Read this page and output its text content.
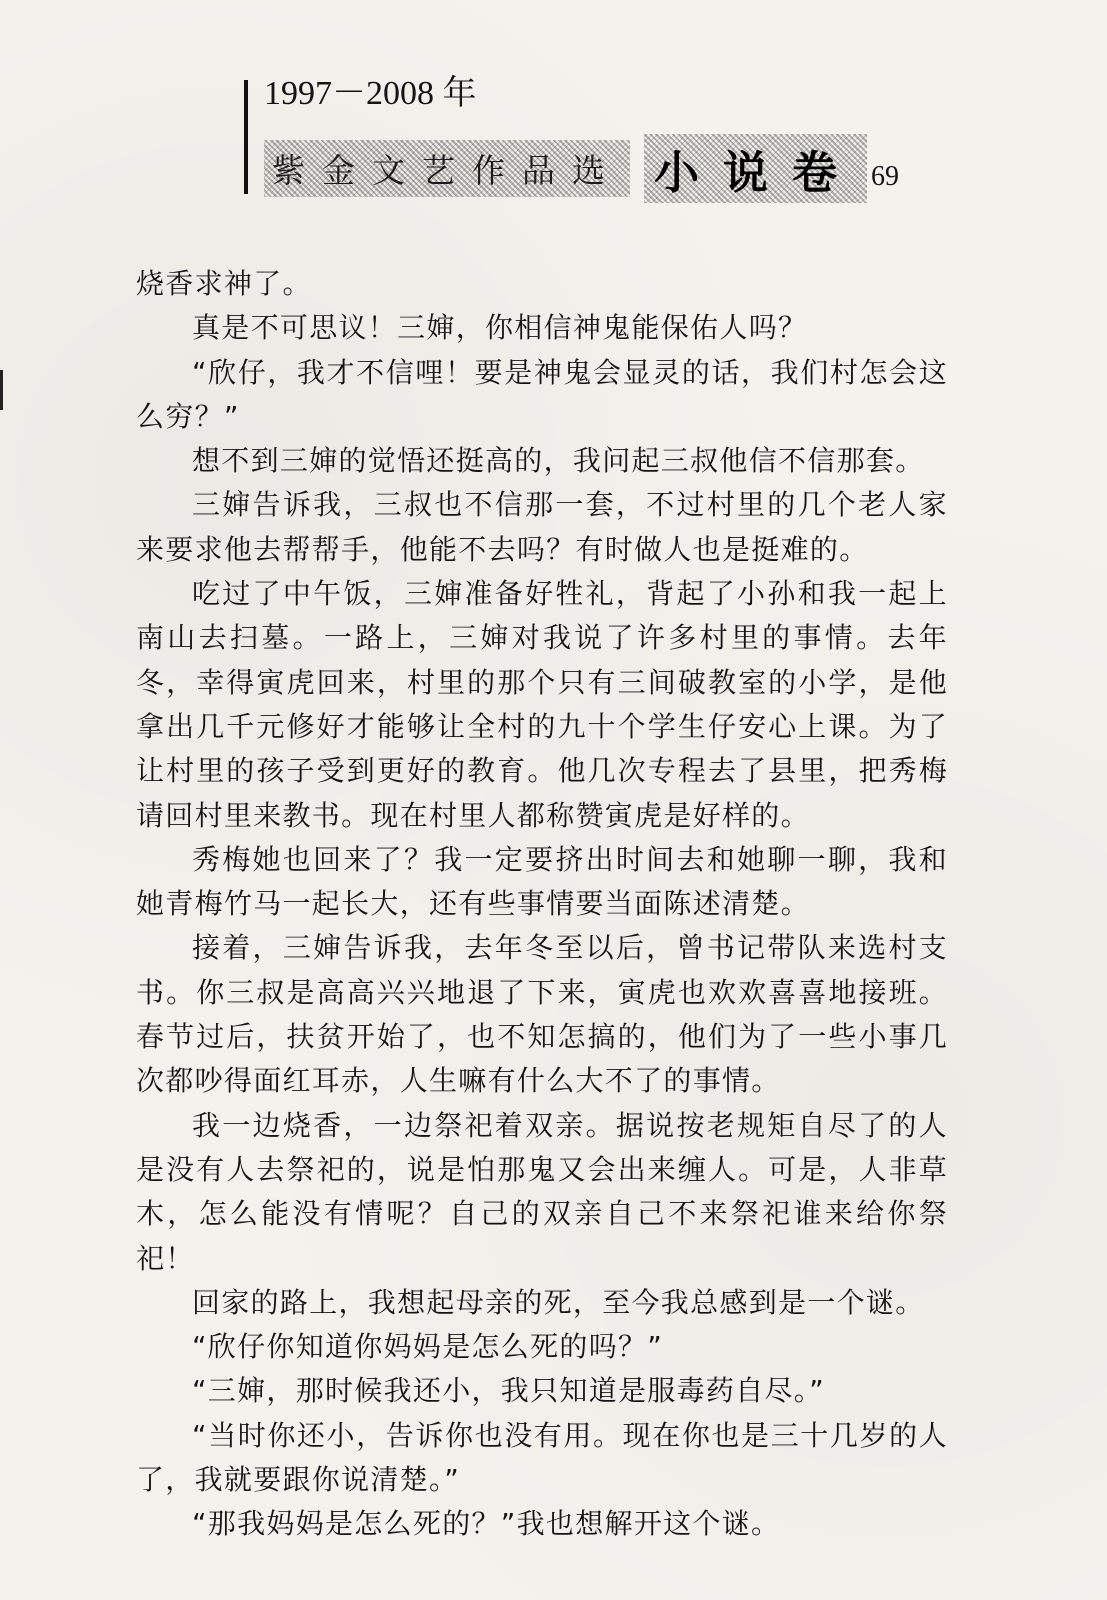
1997－2008 年
紫金文艺作品选 小说卷 69

烧香求神了。

真是不可思议！三婶，你相信神鬼能保佑人吗？

“欣仔，我才不信哩！要是神鬼会显灵的话，我们村怎会这么穷？”

想不到三婶的觉悟还挺高的，我问起三叔他信不信那套。

三婶告诉我，三叔也不信那一套，不过村里的几个老人家来要求他去帮帮手，他能不去吗？有时做人也是挺难的。

吃过了中午饭，三婶准备好牲礼，背起了小孙和我一起上南山去扫墓。一路上，三婶对我说了许多村里的事情。去年冬，幸得寅虎回来，村里的那个只有三间破教室的小学，是他拿出几千元修好才能够让全村的九十个学生仔安心上课。为了让村里的孩子受到更好的教育。他几次专程去了县里，把秀梅请回村里来教书。现在村里人都称赞寅虎是好样的。

秀梅她也回来了？我一定要挤出时间去和她聊一聊，我和她青梅竹马一起长大，还有些事情要当面陈述清楚。

接着，三婶告诉我，去年冬至以后，曾书记带队来选村支书。你三叔是高高兴兴地退了下来，寅虎也欢欢喜喜地接班。春节过后，扶贫开始了，也不知怎搞的，他们为了一些小事几次都吵得面红耳赤，人生嘛有什么大不了的事情。

我一边烧香，一边祭祀着双亲。据说按老规矩自尽了的人是没有人去祭祀的，说是怕那鬼又会出来缠人。可是，人非草木，怎么能没有情呢？自己的双亲自己不来祭祀谁来给你祭祀！

回家的路上，我想起母亲的死，至今我总感到是一个谜。

“欣仔你知道你妈妈是怎么死的吗？”

“三婶，那时候我还小，我只知道是服毒药自尽。”

“当时你还小，告诉你也没有用。现在你也是三十几岁的人了，我就要跟你说清楚。”

“那我妈妈是怎么死的？”我也想解开这个谜。
